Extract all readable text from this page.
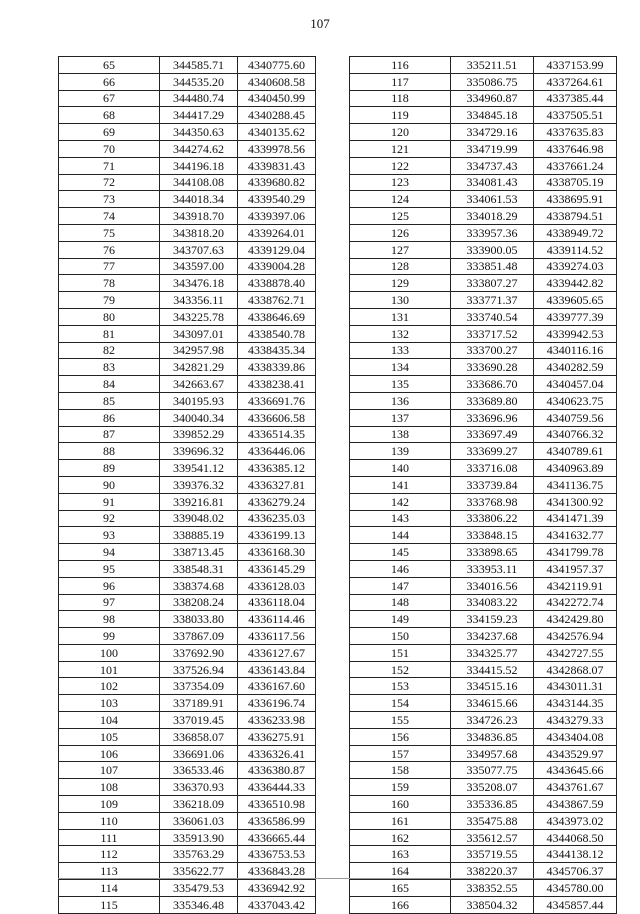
107
65	344585.71	4340775.60
66	344535.20	4340608.58
67	344480.74	4340450.99
68	344417.29	4340288.45
69	344350.63	4340135.62
70	344274.62	4339978.56
71	344196.18	4339831.43
72	344108.08	4339680.82
73	344018.34	4339540.29
74	343918.70	4339397.06
75	343818.20	4339264.01
76	343707.63	4339129.04
77	343597.00	4339004.28
78	343476.18	4338878.40
79	343356.11	4338762.71
80	343225.78	4338646.69
81	343097.01	4338540.78
82	342957.98	4338435.34
83	342821.29	4338339.86
84	342663.67	4338238.41
85	340195.93	4336691.76
86	340040.34	4336606.58
87	339852.29	4336514.35
88	339696.32	4336446.06
89	339541.12	4336385.12
90	339376.32	4336327.81
91	339216.81	4336279.24
92	339048.02	4336235.03
93	338885.19	4336199.13
94	338713.45	4336168.30
95	338548.31	4336145.29
96	338374.68	4336128.03
97	338208.24	4336118.04
98	338033.80	4336114.46
99	337867.09	4336117.56
100	337692.90	4336127.67
101	337526.94	4336143.84
102	337354.09	4336167.60
103	337189.91	4336196.74
104	337019.45	4336233.98
105	336858.07	4336275.91
106	336691.06	4336326.41
107	336533.46	4336380.87
108	336370.93	4336444.33
109	336218.09	4336510.98
110	336061.03	4336586.99
111	335913.90	4336665.44
112	335763.29	4336753.53
113	335622.77	4336843.28
114	335479.53	4336942.92
115	335346.48	4337043.42
116	335211.51	4337153.99
117	335086.75	4337264.61
118	334960.87	4337385.44
119	334845.18	4337505.51
120	334729.16	4337635.83
121	334719.99	4337646.98
122	334737.43	4337661.24
123	334081.43	4338705.19
124	334061.53	4338695.91
125	334018.29	4338794.51
126	333957.36	4338949.72
127	333900.05	4339114.52
128	333851.48	4339274.03
129	333807.27	4339442.82
130	333771.37	4339605.65
131	333740.54	4339777.39
132	333717.52	4339942.53
133	333700.27	4340116.16
134	333690.28	4340282.59
135	333686.70	4340457.04
136	333689.80	4340623.75
137	333696.96	4340759.56
138	333697.49	4340766.32
139	333699.27	4340789.61
140	333716.08	4340963.89
141	333739.84	4341136.75
142	333768.98	4341300.92
143	333806.22	4341471.39
144	333848.15	4341632.77
145	333898.65	4341799.78
146	333953.11	4341957.37
147	334016.56	4342119.91
148	334083.22	4342272.74
149	334159.23	4342429.80
150	334237.68	4342576.94
151	334325.77	4342727.55
152	334415.52	4342868.07
153	334515.16	4343011.31
154	334615.66	4343144.35
155	334726.23	4343279.33
156	334836.85	4343404.08
157	334957.68	4343529.97
158	335077.75	4343645.66
159	335208.07	4343761.67
160	335336.85	4343867.59
161	335475.88	4343973.02
162	335612.57	4344068.50
163	335719.55	4344138.12
164	338220.37	4345706.37
165	338352.55	4345780.00
166	338504.32	4345857.44
